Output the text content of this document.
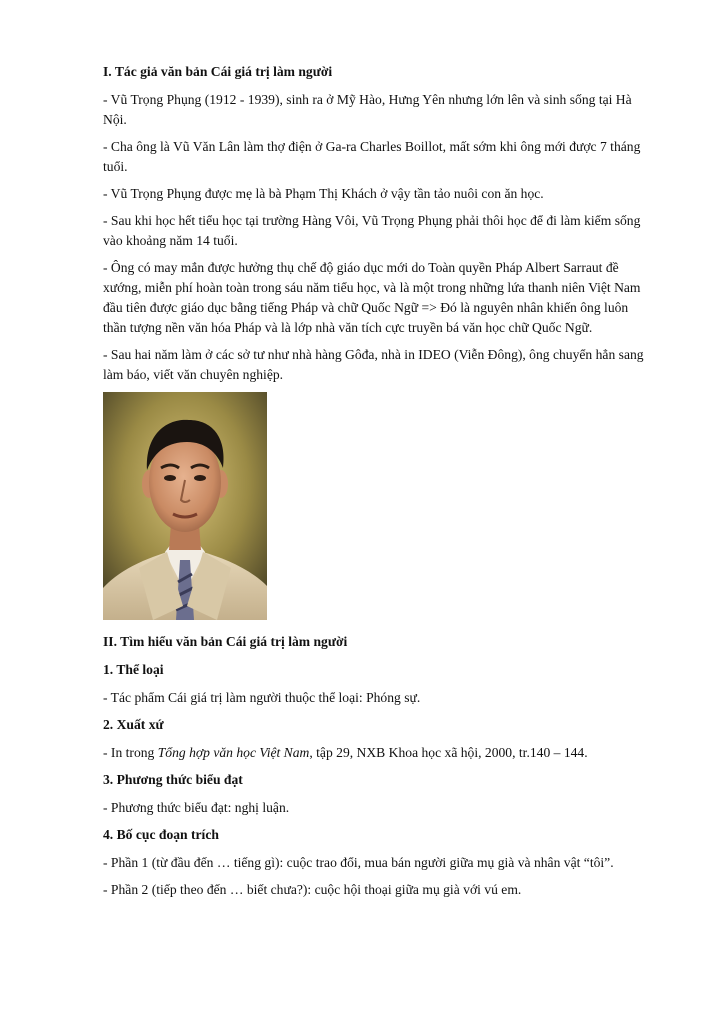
I. Tác giả văn bản Cái giá trị làm người
- Vũ Trọng Phụng (1912 - 1939), sinh ra ở Mỹ Hào, Hưng Yên nhưng lớn lên và sinh sống tại Hà Nội.
- Cha ông là Vũ Văn Lân làm thợ điện ở Ga-ra Charles Boillot, mất sớm khi ông mới được 7 tháng tuổi.
- Vũ Trọng Phụng được mẹ là bà Phạm Thị Khách ở vậy tần tảo nuôi con ăn học.
- Sau khi học hết tiểu học tại trường Hàng Vôi, Vũ Trọng Phụng phải thôi học để đi làm kiếm sống vào khoảng năm 14 tuổi.
- Ông có may mắn được hưởng thụ chế độ giáo dục mới do Toàn quyền Pháp Albert Sarraut đề xướng, miễn phí hoàn toàn trong sáu năm tiểu học, và là một trong những lứa thanh niên Việt Nam đầu tiên được giáo dục bằng tiếng Pháp và chữ Quốc Ngữ => Đó là nguyên nhân khiến ông luôn thần tượng nền văn hóa Pháp và là lớp nhà văn tích cực truyền bá văn học chữ Quốc Ngữ.
- Sau hai năm làm ở các sở tư như nhà hàng Gôđa, nhà in IDEO (Viễn Đông), ông chuyển hẳn sang làm báo, viết văn chuyên nghiệp.
II. Tìm hiểu văn bản Cái giá trị làm người
1. Thể loại
- Tác phẩm Cái giá trị làm người thuộc thể loại: Phóng sự.
2. Xuất xứ
- In trong Tổng hợp văn học Việt Nam, tập 29, NXB Khoa học xã hội, 2000, tr.140 – 144.
3. Phương thức biểu đạt
- Phương thức biểu đạt: nghị luận.
4. Bố cục đoạn trích
- Phần 1 (từ đầu đến … tiếng gì): cuộc trao đổi, mua bán người giữa mụ già và nhân vật “tôi”.
- Phần 2 (tiếp theo đến … biết chưa?): cuộc hội thoại giữa mụ già với vú em.
